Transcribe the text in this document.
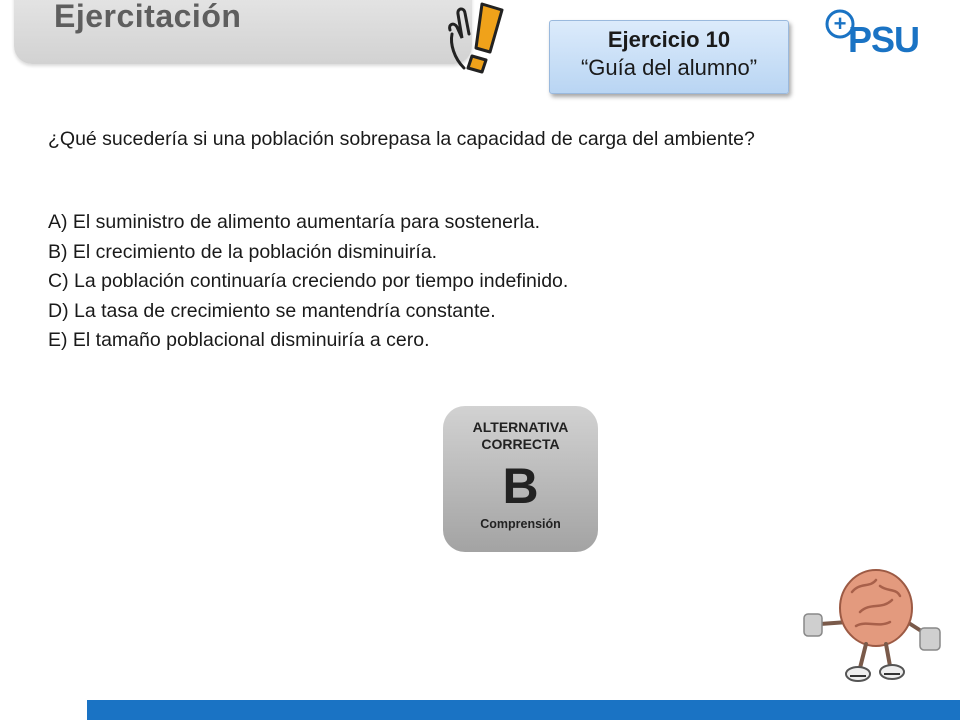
Ejercitación
Ejercicio 10
“Guía del alumno”
+ PSU

¿Qué sucedería si una población sobrepasa la capacidad de carga del ambiente?

A) El suministro de alimento aumentaría para sostenerla.
B) El crecimiento de la población disminuiría.
C) La población continuaría creciendo por tiempo indefinido.
D) La tasa de crecimiento se mantendría constante.
E) El tamaño poblacional disminuiría a cero.
ALTERNATIVA
CORRECTA
B
Comprensión
